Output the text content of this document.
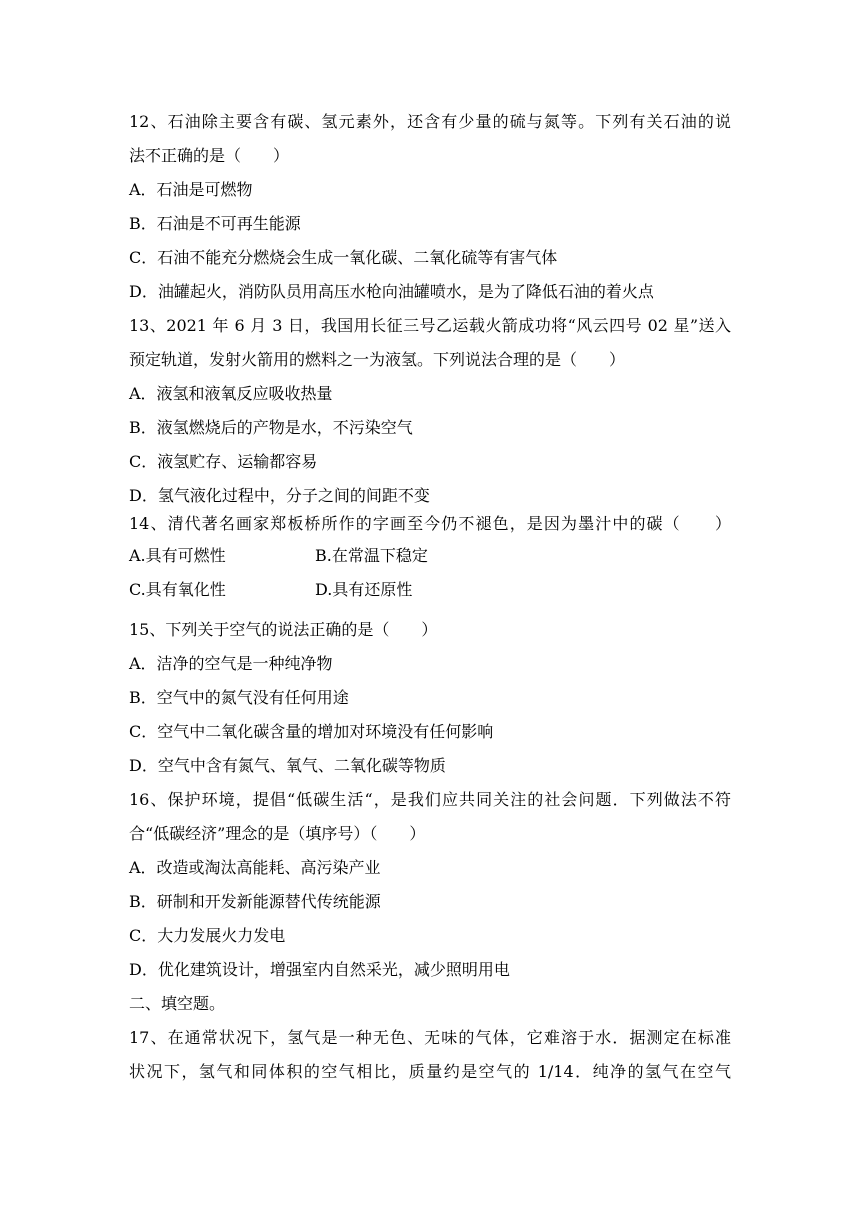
12、石油除主要含有碳、氢元素外，还含有少量的硫与氮等。下列有关石油的说
法不正确的是（　　）
A．石油是可燃物
B．石油是不可再生能源
C．石油不能充分燃烧会生成一氧化碳、二氧化硫等有害气体
D．油罐起火，消防队员用高压水枪向油罐喷水，是为了降低石油的着火点
13、2021 年 6 月 3 日，我国用长征三号乙运载火箭成功将“风云四号 02 星”送入
预定轨道，发射火箭用的燃料之一为液氢。下列说法合理的是（　　）
A．液氢和液氧反应吸收热量
B．液氢燃烧后的产物是水，不污染空气
C．液氢贮存、运输都容易
D．氢气液化过程中，分子之间的间距不变
14、清代著名画家郑板桥所作的字画至今仍不褪色，是因为墨汁中的碳（　　）
A.具有可燃性	B.在常温下稳定
C.具有氧化性	D.具有还原性
15、下列关于空气的说法正确的是（　　）
A．洁净的空气是一种纯净物
B．空气中的氮气没有任何用途
C．空气中二氧化碳含量的增加对环境没有任何影响
D．空气中含有氮气、氧气、二氧化碳等物质
16、保护环境，提倡“低碳生活“，是我们应共同关注的社会问题．下列做法不符
合“低碳经济”理念的是（填序号）（　　）
A．改造或淘汰高能耗、高污染产业
B．研制和开发新能源替代传统能源
C．大力发展火力发电
D．优化建筑设计，增强室内自然采光，减少照明用电
二、填空题。
17、在通常状况下，氢气是一种无色、无味的气体，它难溶于水．据测定在标准
状况下，氢气和同体积的空气相比，质量约是空气的 1/14．纯净的氢气在空气
